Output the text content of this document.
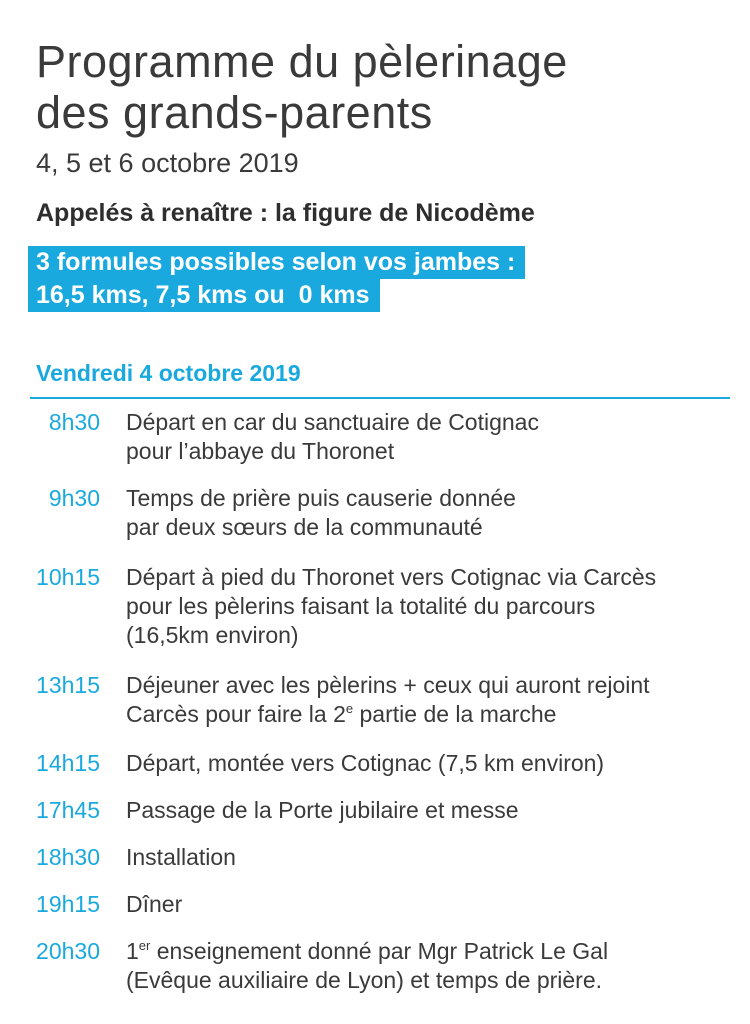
Programme du pèlerinage
des grands-parents
4, 5 et 6 octobre 2019
Appelés à renaître : la figure de Nicodème
3 formules possibles selon vos jambes :
16,5 kms, 7,5 kms ou  0 kms
Vendredi 4 octobre 2019
8h30 Départ en car du sanctuaire de Cotignac
pour l’abbaye du Thoronet
9h30 Temps de prière puis causerie donnée
par deux sœurs de la communauté
10h15 Départ à pied du Thoronet vers Cotignac via Carcès
pour les pèlerins faisant la totalité du parcours
(16,5km environ)
13h15 Déjeuner avec les pèlerins + ceux qui auront rejoint
Carcès pour faire la 2e partie de la marche
14h15 Départ, montée vers Cotignac (7,5 km environ)
17h45 Passage de la Porte jubilaire et messe
18h30 Installation
19h15 Dîner
20h30 1er enseignement donné par Mgr Patrick Le Gal
(Evêque auxiliaire de Lyon) et temps de prière.
